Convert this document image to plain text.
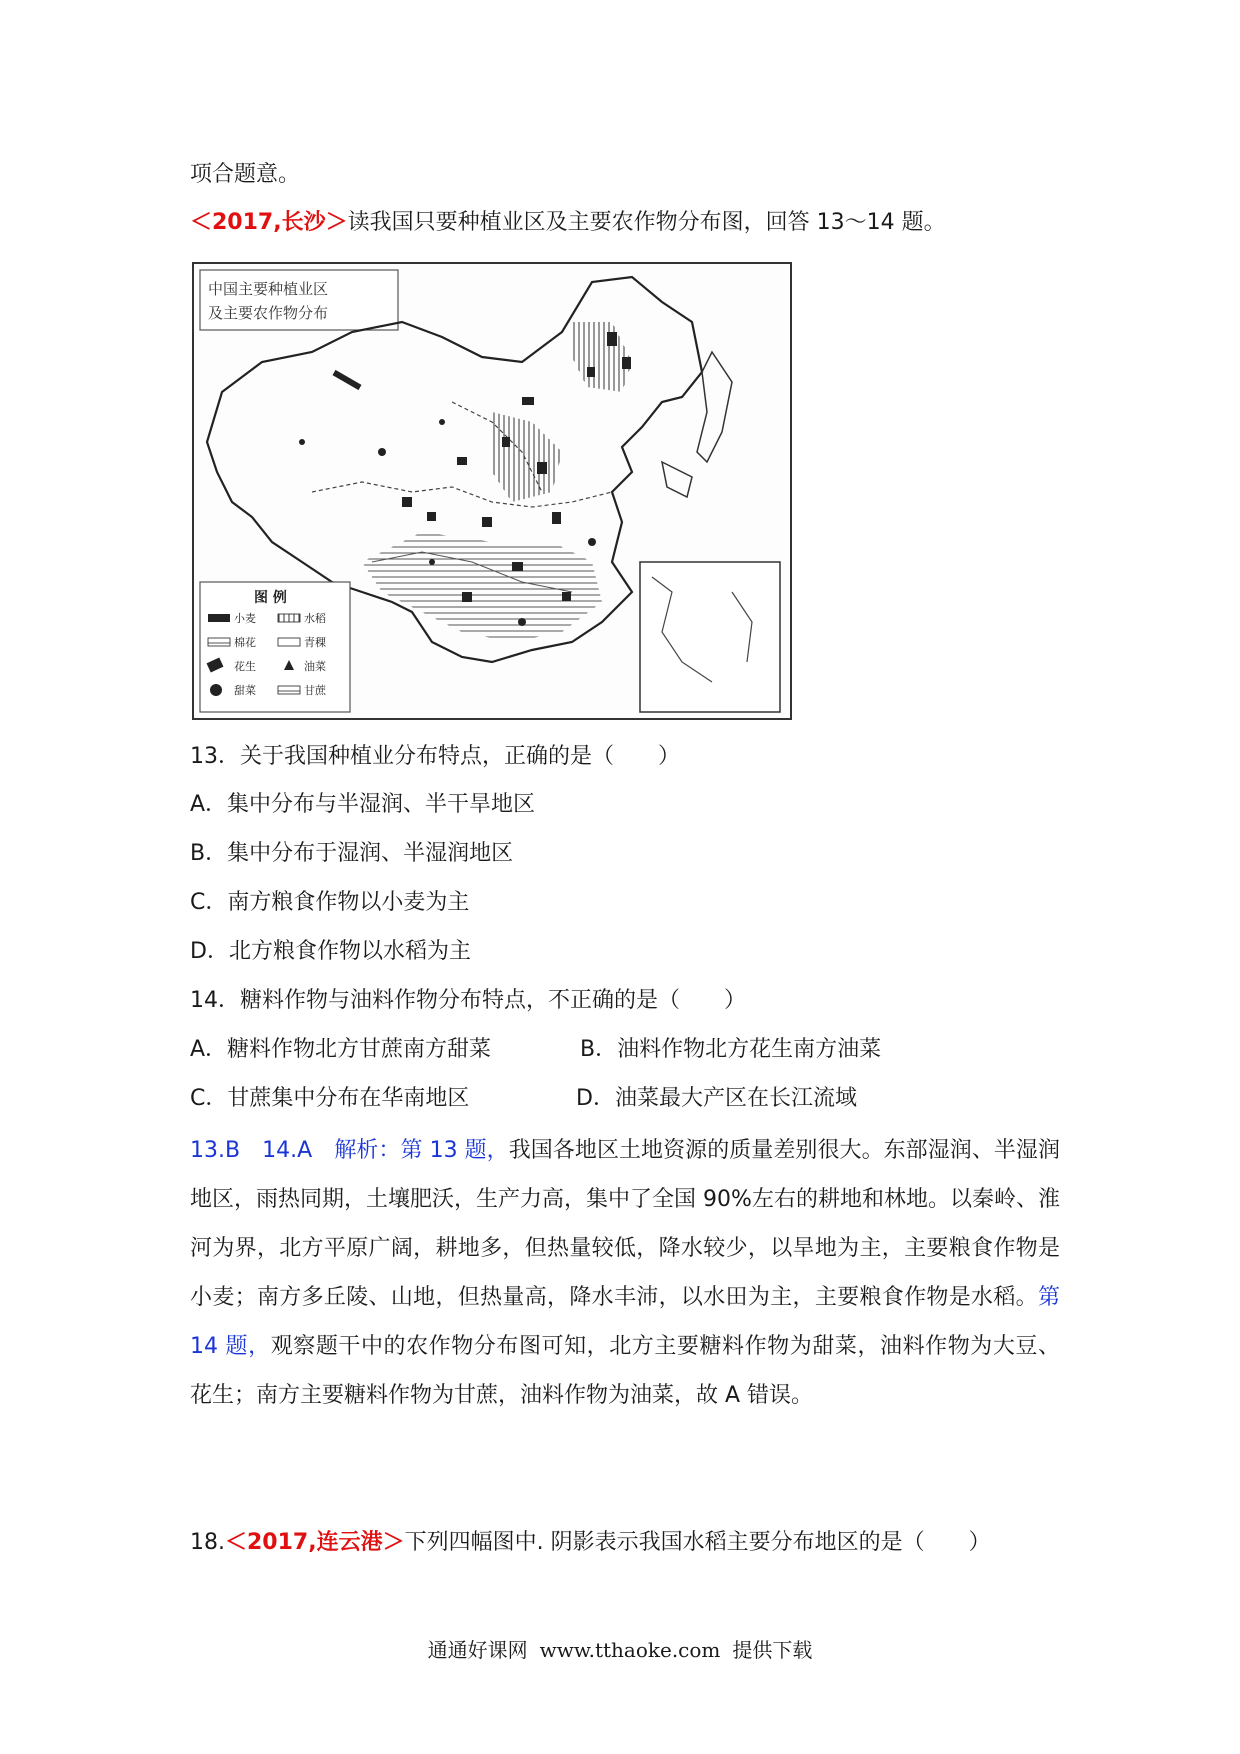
项合题意。
＜2017,长沙＞读我国只要种植业区及主要农作物分布图，回答 13～14 题。
中国主要种植业区
及主要农作物分布
图 例
小麦	水稻
棉花	青稞
花生	油菜
甜菜	甘蔗
13．关于我国种植业分布特点，正确的是（　　）
A．集中分布与半湿润、半干旱地区
B．集中分布于湿润、半湿润地区
C．南方粮食作物以小麦为主
D．北方粮食作物以水稻为主
14．糖料作物与油料作物分布特点，不正确的是（　　）
A．糖料作物北方甘蔗南方甜菜	B．油料作物北方花生南方油菜
C．甘蔗集中分布在华南地区	D．油菜最大产区在长江流域
13.B　14.A　解析：第 13 题，我国各地区土地资源的质量差别很大。东部湿润、半湿润地区，雨热同期，土壤肥沃，生产力高，集中了全国 90%左右的耕地和林地。以秦岭、淮河为界，北方平原广阔，耕地多，但热量较低，降水较少，以旱地为主，主要粮食作物是小麦；南方多丘陵、山地，但热量高，降水丰沛，以水田为主，主要粮食作物是水稻。第 14 题，观察题干中的农作物分布图可知，北方主要糖料作物为甜菜，油料作物为大豆、花生；南方主要糖料作物为甘蔗，油料作物为油菜，故 A 错误。
18.＜2017,连云港＞下列四幅图中. 阴影表示我国水稻主要分布地区的是（　　）
通通好课网 www.tthaoke.com 提供下载
